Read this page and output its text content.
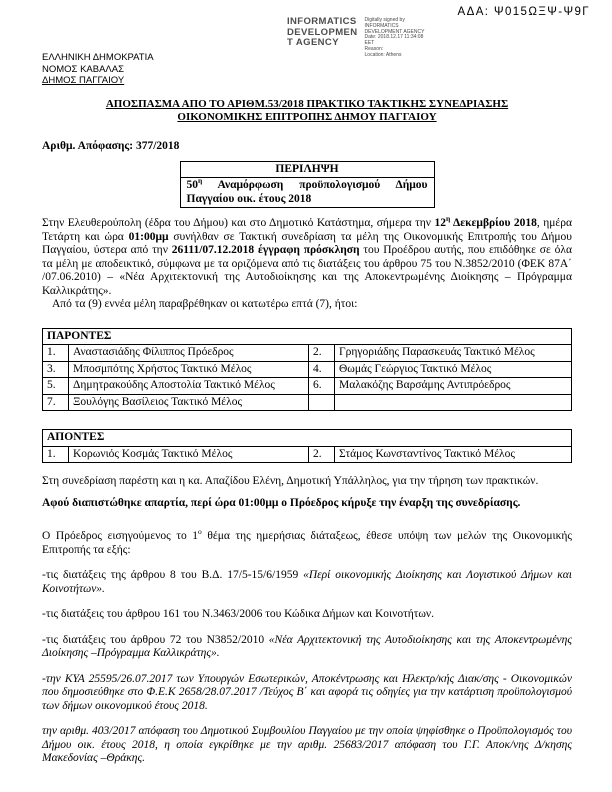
ΑΔΑ: Ψ015ΩΞΨ-Ψ9Γ
INFORMATICS
DEVELOPMEN
T AGENCY
Digitally signed by
INFORMATICS
DEVELOPMENT AGENCY
Date: 2018.12.17 11:34:08
EET
Reason:
Location: Athens
ΕΛΛΗΝΙΚΗ ΔΗΜΟΚΡΑΤΙΑ
ΝΟΜΟΣ ΚΑΒΑΛΑΣ
ΔΗΜΟΣ ΠΑΓΓΑΙΟΥ
ΑΠΟΣΠΑΣΜΑ ΑΠΟ ΤΟ ΑΡΙΘΜ.53/2018 ΠΡΑΚΤΙΚΟ ΤΑΚΤΙΚΗΣ ΣΥΝΕΔΡΙΑΣΗΣ
ΟΙΚΟΝΟΜΙΚΗΣ ΕΠΙΤΡΟΠΗΣ ΔΗΜΟΥ ΠΑΓΓΑΙΟΥ
Αριθμ. Απόφασης: 377/2018
ΠΕΡΙΛΗΨΗ
$50^\eta$ Αναμόρφωση προϋπολογισμού Δήμου Παγγαίου οικ. έτους 2018

Στην Ελευθερούπολη (έδρα του Δήμου) και στο Δημοτικό Κατάστημα, σήμερα την $12^\eta$ Δεκεμβρίου 2018, ημέρα Τετάρτη και ώρα 01:00μμ συνήλθαν σε Τακτική συνεδρίαση τα μέλη της Οικονομικής Επιτροπής του Δήμου Παγγαίου, ύστερα από την 26111/07.12.2018 έγγραφη πρόσκληση του Προέδρου αυτής, που επιδόθηκε σε όλα τα μέλη με αποδεικτικό, σύμφωνα με τα οριζόμενα από τις διατάξεις του άρθρου 75 του Ν.3852/2010 (ΦΕΚ 87Α΄ /07.06.2010) – «Νέα Αρχιτεκτονική της Αυτοδιοίκησης και της Αποκεντρωμένης Διοίκησης – Πρόγραμμα Καλλικράτης».

Από τα (9) εννέα μέλη παραβρέθηκαν οι κατωτέρω επτά (7), ήτοι:

ΠΑΡΟΝΤΕΣ			
1.	Αναστασιάδης Φίλιππος Πρόεδρος	2.	Γρηγοριάδης Παρασκευάς Τακτικό Μέλος
3.	Μποσμπότης Χρήστος Τακτικό Μέλος	4.	Θωμάς Γεώργιος Τακτικό Μέλος
5.	Δημητρακούδης Αποστολία Τακτικό Μέλος	6.	Μαλακόζης Βαρσάμης Αντιπρόεδρος
7.	Ξουλόγης Βασίλειος Τακτικό Μέλος		
ΑΠΟΝΤΕΣ
1.	Κορωνιός Κοσμάς Τακτικό Μέλος	2.	Στάμος Κωνσταντίνος Τακτικό Μέλος

Στη συνεδρίαση παρέστη και η κα. Απαζίδου Ελένη, Δημοτική Υπάλληλος, για την τήρηση των πρακτικών.

Αφού διαπιστώθηκε απαρτία, περί ώρα 01:00μμ ο Πρόεδρος κήρυξε την έναρξη της συνεδρίασης.

Ο Πρόεδρος εισηγούμενος το $1^o$ θέμα της ημερήσιας διάταξεως, έθεσε υπόψη των μελών της Οικονομικής Επιτροπής τα εξής:

-τις διατάξεις της άρθρου 8 του Β.Δ. 17/5-15/6/1959 «Περί οικονομικής Διοίκησης και Λογιστικού Δήμων και Κοινοτήτων».

-τις διατάξεις του άρθρου 161 του Ν.3463/2006 του Κώδικα Δήμων και Κοινοτήτων.

-τις διατάξεις του άρθρου 72 του Ν3852/2010 «Νέα Αρχιτεκτονική της Αυτοδιοίκησης και της Αποκεντρωμένης Διοίκησης –Πρόγραμμα Καλλικράτης».

-την ΚΥΑ 25595/26.07.2017 των Υπουργών Εσωτερικών, Αποκέντρωσης και Ηλεκτρ/κής Διακ/σης - Οικονομικών που δημοσιεύθηκε στο Φ.Ε.Κ 2658/28.07.2017 /Τεύχος Β΄ και αφορά τις οδηγίες για την κατάρτιση προϋπολογισμού των δήμων οικονομικού έτους 2018.

την αριθμ. 403/2017 απόφαση του Δημοτικού Συμβουλίου Παγγαίου με την οποία ψηφίσθηκε ο Προϋπολογισμός του Δήμου οικ. έτους 2018, η οποία εγκρίθηκε με την αριθμ. 25683/2017 απόφαση του Γ.Γ. Αποκ/νης Δ/κησης Μακεδονίας –Θράκης.
